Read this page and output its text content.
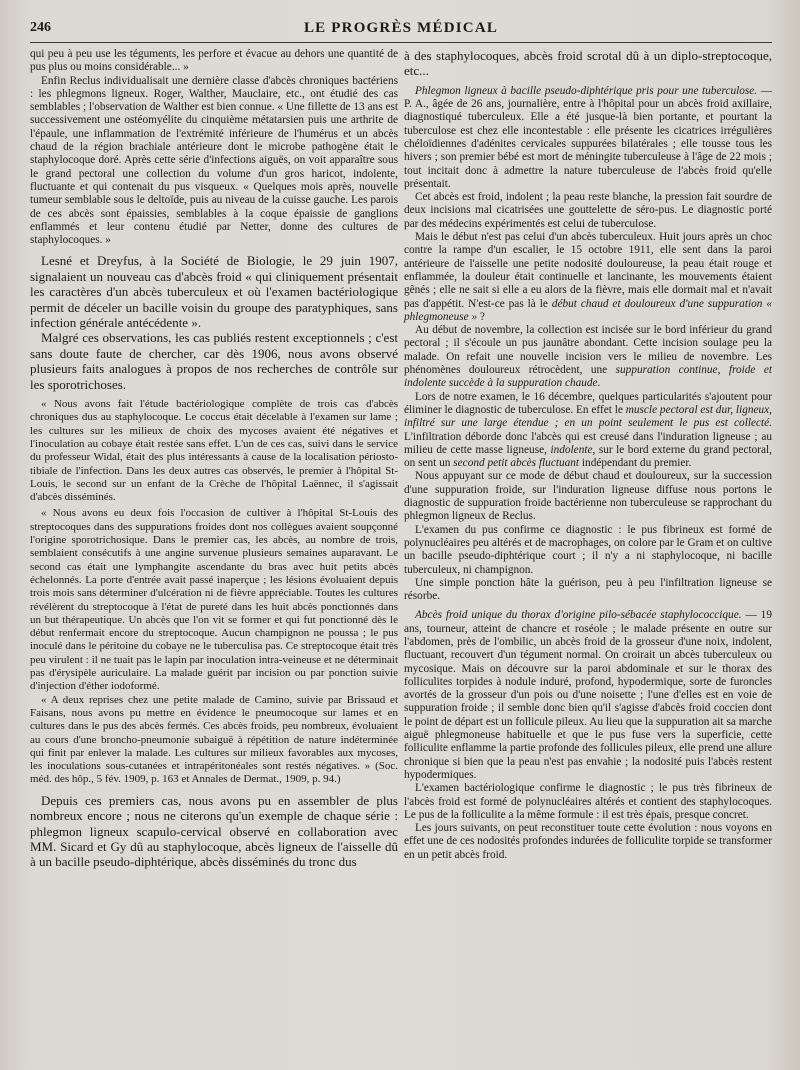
246	LE PROGRÈS MÉDICAL

qui peu à peu use les téguments, les perfore et évacue au dehors une quantité de pus plus ou moins considérable... »

Enfin Reclus individualisait une dernière classe d'abcès chroniques bactériens : les phlegmons ligneux. Roger, Walther, Mauclaire, etc., ont étudié des cas semblables ; l'observation de Walther est bien connue. « Une fillette de 13 ans est successivement une ostéomyélite du cinquième métatarsien puis une arthrite de l'épaule, une inflammation de l'extrémité inférieure de l'humérus et un abcès chaud de la région brachiale antérieure dont le microbe pathogène était le staphylocoque doré. Après cette série d'infections aiguës, on voit apparaître sous le grand pectoral une collection du volume d'un gros haricot, indolente, fluctuante et qui contenait du pus visqueux. « Quelques mois après, nouvelle tumeur semblable sous le deltoïde, puis au niveau de la cuisse gauche. Les parois de ces abcès sont épaissies, semblables à la coque épaissie de ganglions enflammés et leur contenu étudié par Netter, donne des cultures de staphylocoques. »

Lesné et Dreyfus, à la Société de Biologie, le 29 juin 1907, signalaient un nouveau cas d'abcès froid « qui cliniquement présentait les caractères d'un abcès tuberculeux et où l'examen bactériologique permit de déceler un bacille voisin du groupe des paratyphiques, sans infection générale antécédente ».

Malgré ces observations, les cas publiés restent exceptionnels ; c'est sans doute faute de chercher, car dès 1906, nous avons observé plusieurs faits analogues à propos de nos recherches de contrôle sur les sporotrichoses.

« Nous avons fait l'étude bactériologique complète de trois cas d'abcès chroniques dus au staphylocoque. Le coccus était décelable à l'examen sur lame ; les cultures sur les milieux de choix des mycoses avaient été négatives et l'inoculation au cobaye était restée sans effet. L'un de ces cas, suivi dans le service du professeur Widal, était des plus intéressants à cause de la localisation périosto-tibiale de l'infection. Dans les deux autres cas observés, le premier à l'hôpital St-Louis, le second sur un enfant de la Crèche de l'hôpital Laënnec, il s'agissait d'abcès disséminés.

« Nous avons eu deux fois l'occasion de cultiver à l'hôpital St-Louis des streptocoques dans des suppurations froides dont nos collègues avaient soupçonné l'origine sporotrichosique. Dans le premier cas, les abcès, au nombre de trois, semblaient consécutifs à une angine survenue plusieurs semaines auparavant. Le second cas était une lymphangite ascendante du bras avec huit petits abcès échelonnés. La porte d'entrée avait passé inaperçue ; les lésions évoluaient depuis trois mois sans déterminer d'ulcération ni de fièvre appréciable. Toutes les cultures révélèrent du streptocoque à l'état de pureté dans les huit abcès ponctionnés dans un but thérapeutique. Un abcès que l'on vit se former et qui fut ponctionné dès le début renfermait encore du streptocoque. Aucun champignon ne poussa ; le pus inoculé dans le péritoine du cobaye ne le tuberculisa pas. Ce streptocoque était très peu virulent : il ne tuait pas le lapin par inoculation intra-veineuse et ne déterminait pas d'érysipèle auriculaire. La malade guérit par incision ou par ponction suivie d'injection d'éther iodoformé.

« A deux reprises chez une petite malade de Camino, suivie par Brissaud et Faisans, nous avons pu mettre en évidence le pneumocoque sur lames et en cultures dans le pus des abcès fermés. Ces abcès froids, peu nombreux, évoluaient au cours d'une broncho-pneumonie subaiguë à répétition de nature indéterminée qui finit par enlever la malade. Les cultures sur milieux favorables aux mycoses, les inoculations sous-cutanées et intrapéritonéales sont restés négatives. » (Soc. méd. des hôp., 5 fév. 1909, p. 163 et Annales de Dermat., 1909, p. 94.)

Depuis ces premiers cas, nous avons pu en assembler de plus nombreux encore ; nous ne citerons qu'un exemple de chaque série : phlegmon ligneux scapulo-cervical observé en collaboration avec MM. Sicard et Gy dû au staphylocoque, abcès ligneux de l'aisselle dû à un bacille pseudo-diphtérique, abcès disséminés du tronc dus

à des staphylocoques, abcès froid scrotal dû à un diplo-streptocoque, etc...

Phlegmon ligneux à bacille pseudo-diphtérique pris pour une tuberculose. — P. A., âgée de 26 ans, journalière, entre à l'hôpital pour un abcès froid axillaire, diagnostiqué tuberculeux. Elle a été jusque-là bien portante, et pourtant la tuberculose est chez elle incontestable : elle présente les cicatrices irrégulières chéloïdiennes d'adénites cervicales suppurées bilatérales ; elle tousse tous les hivers ; son premier bébé est mort de méningite tuberculeuse à l'âge de 22 mois ; tout incitait donc à admettre la nature tuberculeuse de l'abcès froid qu'elle présentait.

Cet abcès est froid, indolent ; la peau reste blanche, la pression fait sourdre de deux incisions mal cicatrisées une gouttelette de séro-pus. Le diagnostic porté par des médecins expérimentés est celui de tuberculose.

Mais le début n'est pas celui d'un abcès tuberculeux. Huit jours après un choc contre la rampe d'un escalier, le 15 octobre 1911, elle sent dans la paroi antérieure de l'aisselle une petite nodosité douloureuse, la peau était rouge et enflammée, la douleur était continuelle et lancinante, les mouvements étaient gênés ; elle ne sait si elle a eu alors de la fièvre, mais elle dormait mal et n'avait pas d'appétit. N'est-ce pas là le début chaud et douloureux d'une suppuration « phlegmoneuse » ?

Au début de novembre, la collection est incisée sur le bord inférieur du grand pectoral ; il s'écoule un pus jaunâtre abondant. Cette incision soulage peu la malade. On refait une nouvelle incision vers le milieu de novembre. Les phénomènes douloureux rétrocèdent, une suppuration continue, froide et indolente succède à la suppuration chaude.

Lors de notre examen, le 16 décembre, quelques particularités s'ajoutent pour éliminer le diagnostic de tuberculose. En effet le muscle pectoral est dur, ligneux, infiltré sur une large étendue ; en un point seulement le pus est collecté. L'infiltration déborde donc l'abcès qui est creusé dans l'induration ligneuse ; au milieu de cette masse ligneuse, indolente, sur le bord externe du grand pectoral, on sent un second petit abcès fluctuant indépendant du premier.

Nous appuyant sur ce mode de début chaud et douloureux, sur la succession d'une suppuration froide, sur l'induration ligneuse diffuse nous portons le diagnostic de suppuration froide bactérienne non tuberculeuse se rapprochant du phlegmon ligneux de Reclus.

L'examen du pus confirme ce diagnostic : le pus fibrineux est formé de polynucléaires peu altérés et de macrophages, on colore par le Gram et on cultive un bacille pseudo-diphtérique court ; il n'y a ni staphylocoque, ni bacille tuberculeux, ni champignon.

Une simple ponction hâte la guérison, peu à peu l'infiltration ligneuse se résorbe.

Abcès froid unique du thorax d'origine pilo-sébacée staphylococcique. — 19 ans, tourneur, atteint de chancre et roséole ; le malade présente en outre sur l'abdomen, près de l'ombilic, un abcès froid de la grosseur d'une noix, indolent, fluctuant, recouvert d'un tégument normal. On croirait un abcès tuberculeux ou mycosique. Mais on découvre sur la paroi abdominale et sur le thorax des folliculites torpides à nodule induré, profond, hypodermique, sorte de furoncles avortés de la grosseur d'un pois ou d'une noisette ; l'une d'elles est en voie de suppuration froide ; il semble donc bien qu'il s'agisse d'abcès froid coccien dont le point de départ est un follicule pileux. Au lieu que la suppuration ait sa marche aiguë phlegmoneuse habituelle et que le pus fuse vers la superficie, cette folliculite enflamme la partie profonde des follicules pileux, elle prend une allure chronique si bien que la peau n'est pas envahie ; la nodosité puis l'abcès restent hypodermiques.

L'examen bactériologique confirme le diagnostic ; le pus très fibrineux de l'abcès froid est formé de polynucléaires altérés et contient des staphylocoques. Le pus de la folliculite a la même formule : il est très épais, presque concret.

Les jours suivants, on peut reconstituer toute cette évolution : nous voyons en effet une de ces nodosités profondes indurées de folliculite torpide se transformer en un petit abcès froid.
